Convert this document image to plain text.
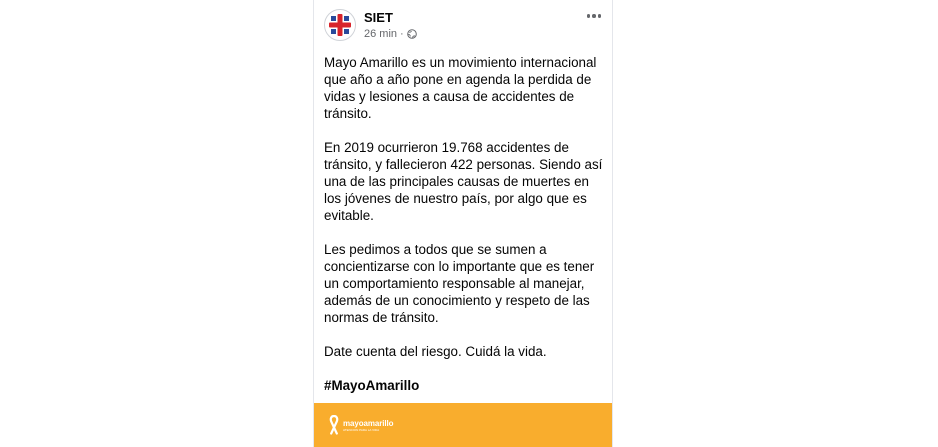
SIET
26 min ·

Mayo Amarillo es un movimiento internacional que año a año pone en agenda la perdida de vidas y lesiones a causa de accidentes de tránsito.

En 2019 ocurrieron 19.768 accidentes de tránsito, y fallecieron 422 personas. Siendo así una de las principales causas de muertes en los jóvenes de nuestro país, por algo que es evitable.

Les pedimos a todos que se sumen a concientizarse con lo importante que es tener un comportamiento responsable al manejar, además de un conocimiento y respeto de las normas de tránsito.

Date cuenta del riesgo. Cuidá la vida.

#MayoAmarillo

mayoamarillo
ATENCION PARA LA VIDA
